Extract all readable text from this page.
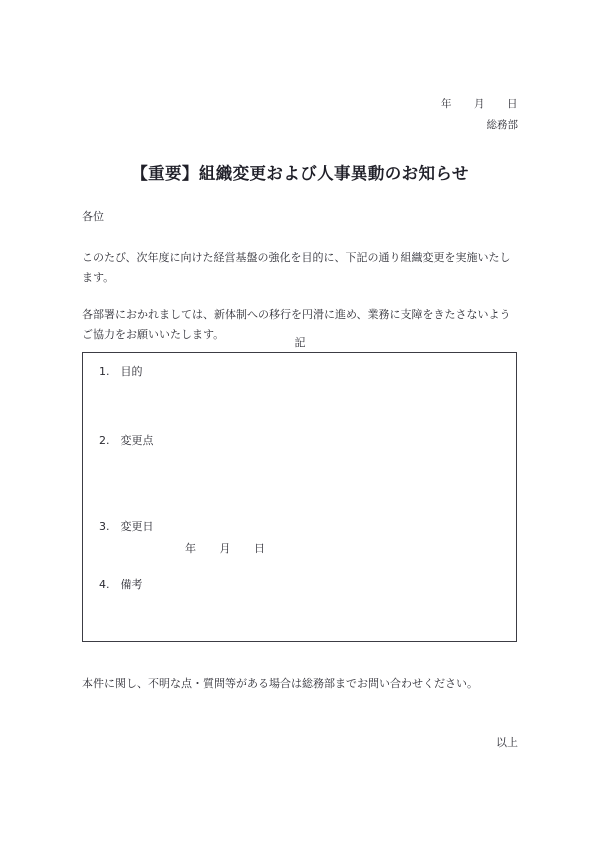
年　　月　　日
総務部
【重要】組織変更および人事異動のお知らせ
各位
このたび、次年度に向けた経営基盤の強化を目的に、下記の通り組織変更を実施いたします。
各部署におかれましては、新体制への移行を円滑に進め、業務に支障をきたさないようご協力をお願いいたします。
記
1.　目的
2.　変更点
3.　変更日
年　　月　　日
4.　備考
本件に関し、不明な点・質問等がある場合は総務部までお問い合わせください。
以上
